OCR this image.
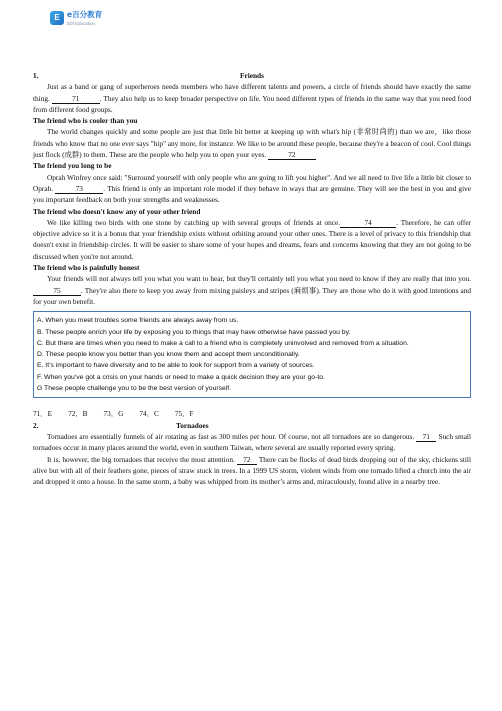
E e百分教育
Ebf Education
1.	Friends

Just as a band or gang of superheroes needs members who have different talents and powers, a circle of friends should have exactly the same thing.	71	. They also help us to keep broader perspective on life. You need different types of friends in the same way that you need food from different food groups.

The friend who is cooler than you

The world changes quickly and some people are just that little bit better at keeping up with what's hip (非常时尚的) than we are，like those friends who know that no one ever says "hip" any more, for instance. We like to be around these people, because they're a beacon of cool. Cool things just flock (成群) to them. These are the people who help you to open your eyes.	72

The friend you long to be

Oprah Winfrey once said: "Surround yourself with only people who are going to lift you higher". And we all need to live life a little bit closer to Oprah.	73	. This friend is only an important role model if they behave in ways that are genuine. They will see the best in you and give you important feedback on both your strengths and weaknesses.

The friend who doesn't know any of your other friend

We like killing two birds with one stone by catching up with several groups of friends at once.	74	. Therefore, he can offer objective advice so it is a bonus that your friendship exists without orbiting around your other ones. There is a level of privacy to this friendship that doesn't exist in friendship circles. It will be easier to share some of your hopes and dreams, fears and concerns knowing that they are not going to be discussed when you're not around.

The friend who is painfully honest

Your friends will not always tell you what you want to hear, but they'll certainly tell you what you need to know if they are really that into you. 75	. They're also there to keep you away from mixing paisleys and stripes (麻烦事). They are those who do it with good intentions and for your own benefit.

A. When you meet troubles some friends are always away from us.
B. These people enrich your life by exposing you to things that may have otherwise have passed you by.
C. But there are times when you need to make a call to a friend who is completely uninvolved and removed from a situation.
D. These people know you better than you know them and accept them unconditionally.
E. It’s important to have diversity and to be able to look for support from a variety of sources.
F. When you’ve got a crisis on your hands or need to make a quick decision they are your go-to.
G These people challenge you to be the best version of yourself.
71．E 72．B 73．G 74．C 75．F
2.	Tornadoes

Tornadoes are essentially funnels of air rotating as fast as 300 miles per hour. Of course, not all tornadoes are so dangerous. 71 Such small tornadoes occur in many places around the world, even in southern Taiwan, where several are usually reported every spring.

It is, however, the big tornadoes that receive the most attention. 72 There can be flocks of dead birds dropping out of the sky, chickens still alive but with all of their feathers gone, pieces of straw stuck in trees. In a 1999 US storm, violent winds from one tornado lifted a church into the air and dropped it onto a house. In the same storm, a baby was whipped from its mother’s arms and, miraculously, found alive in a nearby tree.
